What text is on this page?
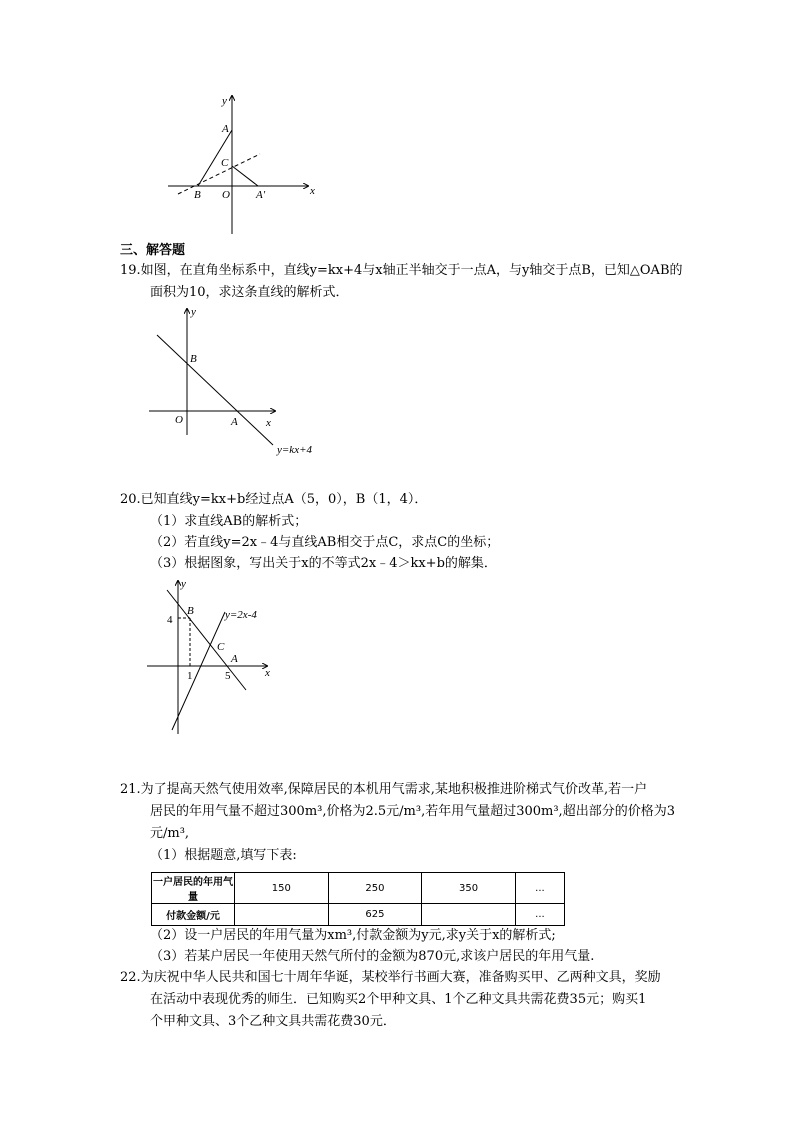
y
x
A
C
B O A′
三、解答题
19.如图，在直角坐标系中，直线y=kx+4与x轴正半轴交于一点A，与y轴交于点B，已知△OAB的
面积为10，求这条直线的解析式．
y
x
B
O	A
y=kx+4
20.已知直线y=kx+b经过点A（5，0），B（1，4）．
（1）求直线AB的解析式；
（2）若直线y=2x﹣4与直线AB相交于点C，求点C的坐标；
（3）根据图象，写出关于x的不等式2x﹣4＞kx+b的解集．
y
x
B
C
A
4
1	5
y=2x-4
21.为了提高天然气使用效率,保障居民的本机用气需求,某地积极推进阶梯式气价改革,若一户
居民的年用气量不超过300m³,价格为2.5元/m³,若年用气量超过300m³,超出部分的价格为3
元/m³,
（1）根据题意,填写下表:
一户居民的年用气量	150	250	350	...
付款金额/元		625		...
（2）设一户居民的年用气量为xm³,付款金额为y元,求y关于x的解析式;
（3）若某户居民一年使用天然气所付的金额为870元,求该户居民的年用气量.
22.为庆祝中华人民共和国七十周年华诞，某校举行书画大赛，准备购买甲、乙两种文具，奖励
在活动中表现优秀的师生．已知购买2个甲种文具、1个乙种文具共需花费35元；购买1
个甲种文具、3个乙种文具共需花费30元．
